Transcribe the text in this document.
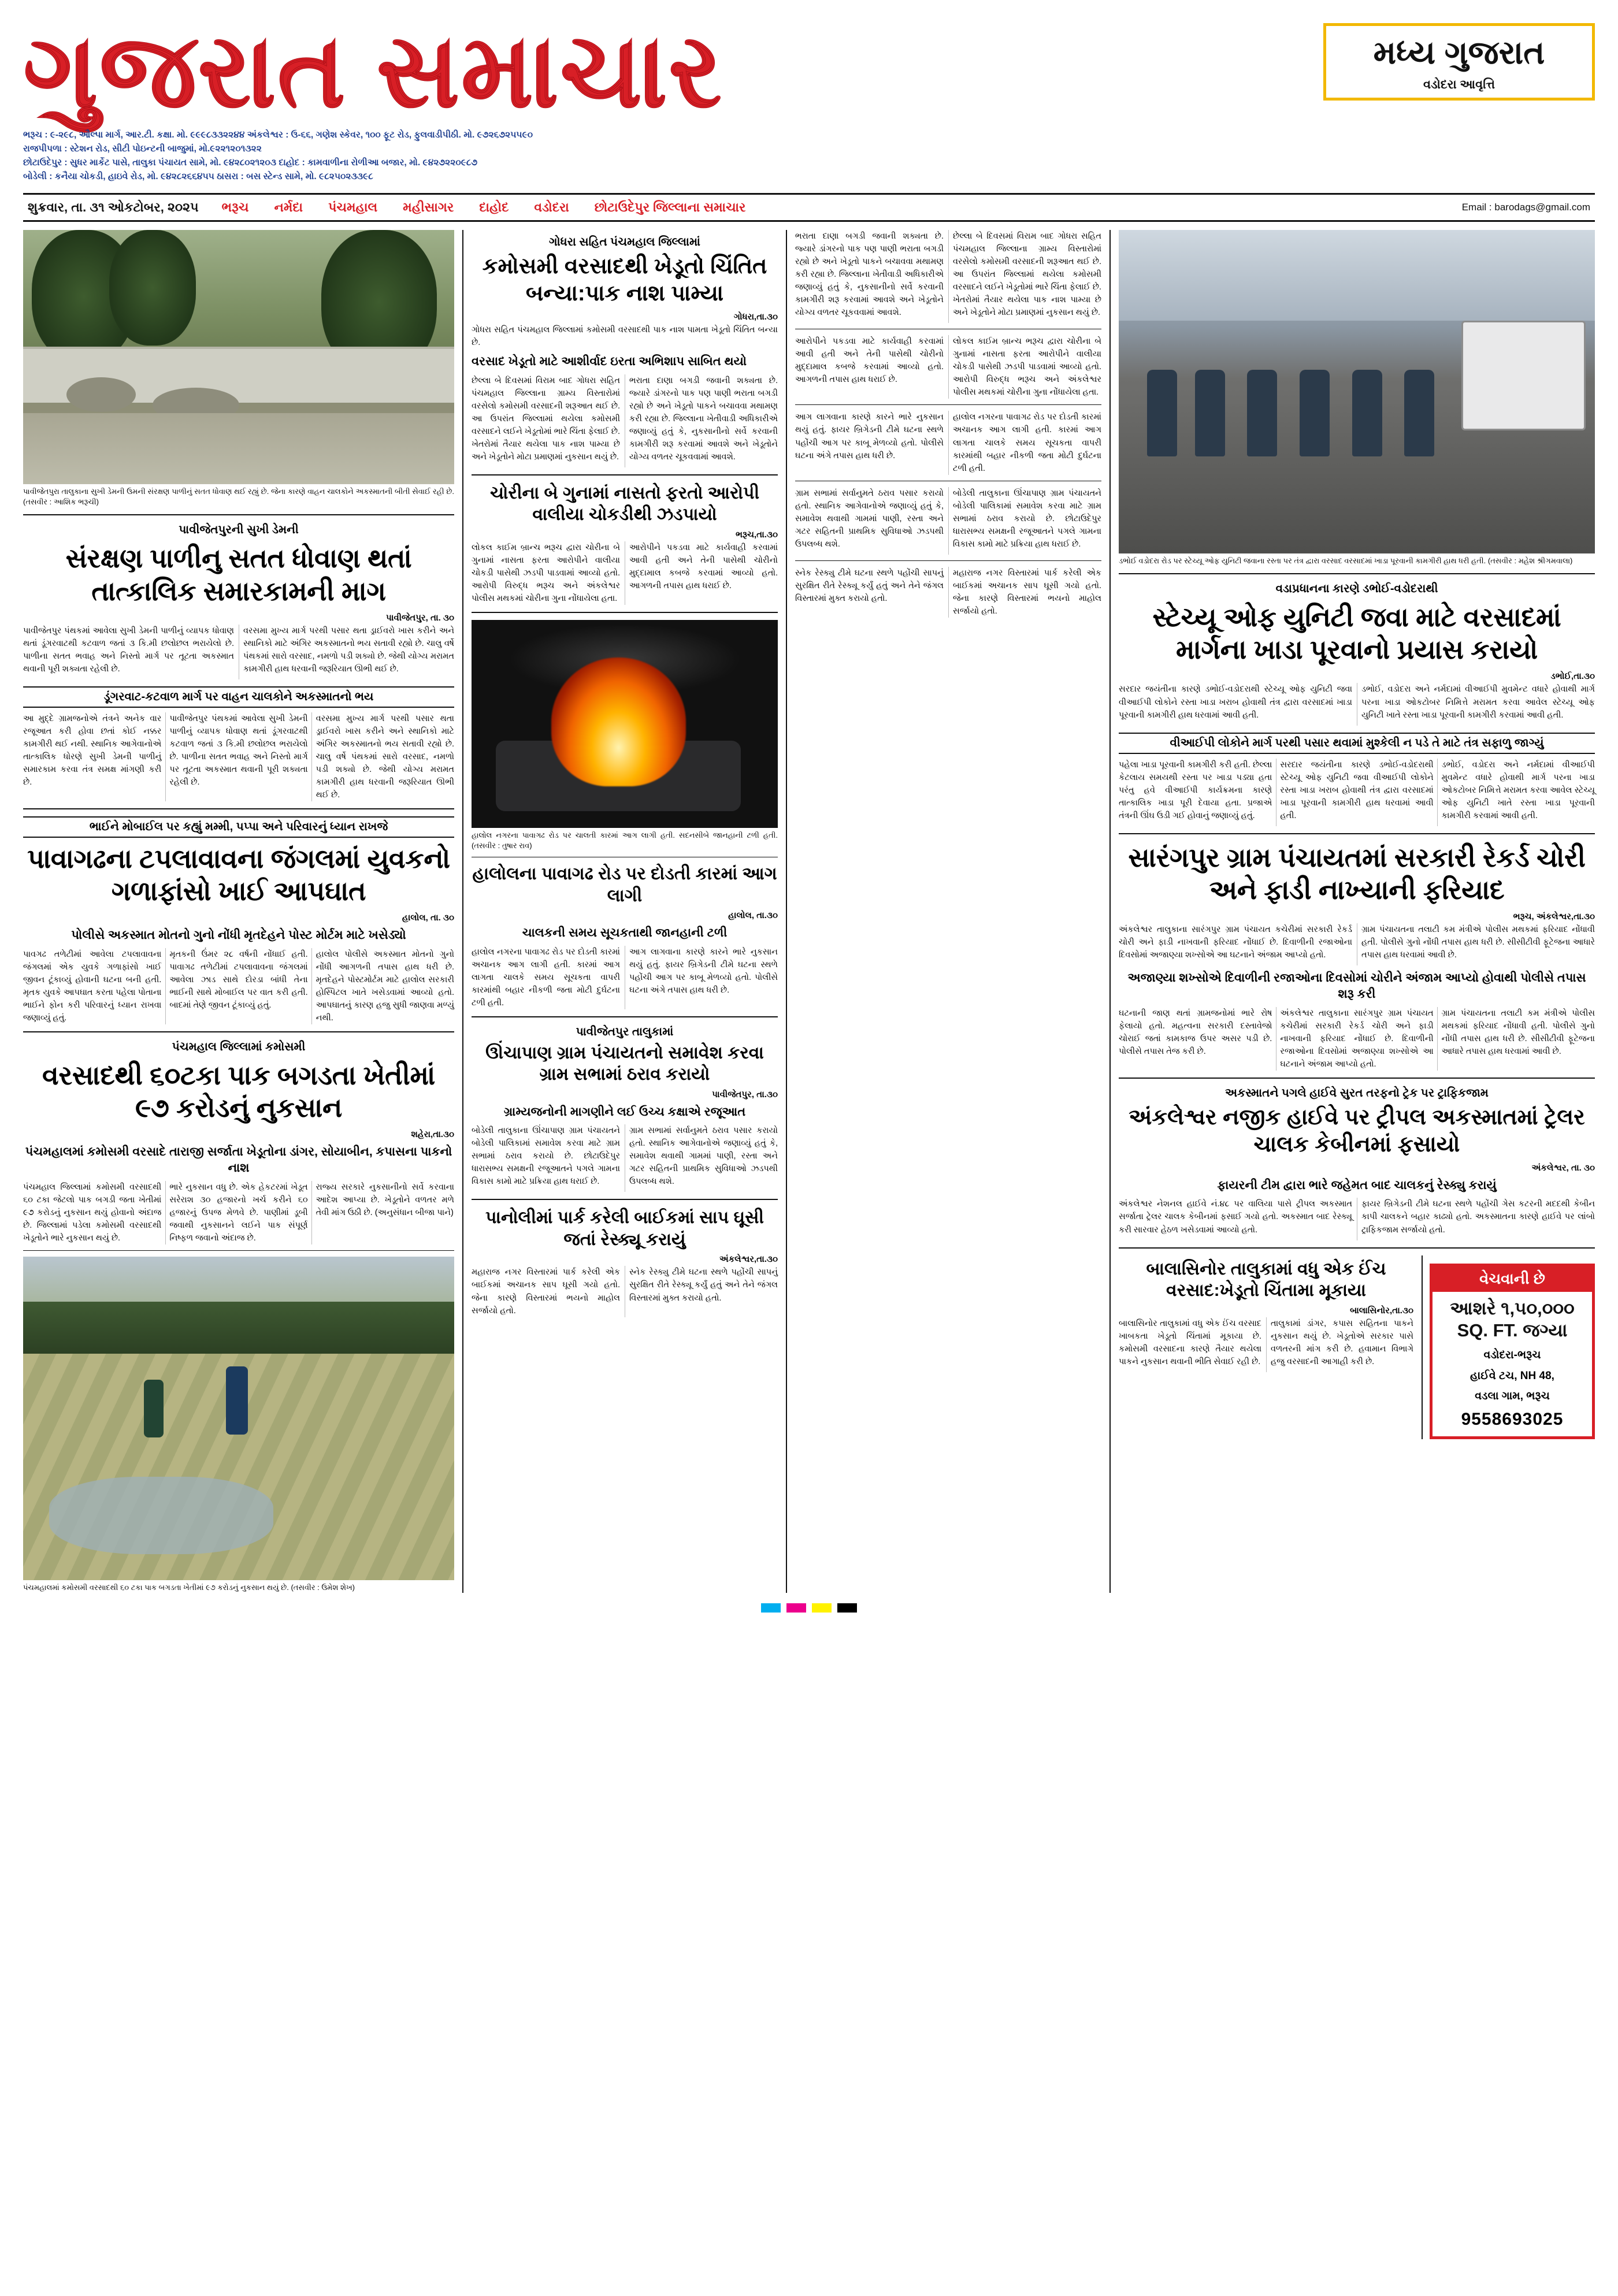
ગુજરાત સમાચાર
ભરૂચ : ૯-૨૯૮, ઔલ્પા માર્ગ, આર.ટી. કક્ષા. મો. ૯૯૯૮૩૩૨૨૪૪ અંકલેશ્વર : ઉ-૬૬, ગણેશ સ્કેવર, ૧૦૦ ફૂટ રોડ, ફુલવાડીપીઠી. મો. ૯૭૨૬૭૨૫૫૯૦
રાજપીપળા : સ્ટેશન રોડ, સીટી પોઇન્ટની બાજુમાં, મો.૯૨૨૧૨૦૧૩૨૨
છોટાઉદેપુર : સુધર માર્કેટ પાસે, તાલુકા પંચાયત સામે, મો. ૯૪૨૮૦૨૧૨૦૩ દાહોદ : કામવાળીના રોળીઆ બજાર, મો. ૯૪૨૭૨૨૦૯૮૭
બોડેલી : કનૈયા ચોકડી, હાઇવે રોડ, મો. ૯૪૨૮૨૬૬૪૫૫ ઠાસરા : બસ સ્ટેન્ડ સામે, મો. ૯૮૨૫૦૨૩૩૯૮
મધ્ય ગુજરાત
વડોદરા આવૃત્તિ
શુક્રવાર, તા. ૩૧ ઓકટોબર, ૨૦૨૫ ભરૂચ નર્મદા પંચમહાલ મહીસાગર દાહોદ વડોદરા છોટાઉદેપુર જિલ્લાના સમાચાર	Email : barodags@gmail.com
પાવીજેતપુરા તાલુકાના સુખી ડેમની ઉમની સંરક્ષણ પાળીનું સતત ધોવાણ થઈ રહ્યું છે. જેના કારણે વાહન ચાલકોને અકસ્માતની બીતી સેવાઈ રહી છે. (તસવીર : આશિક ભરૂચી)
પાવીજેતપુરની સુખી ડેમની
સંરક્ષણ પાળીનુ સતત ધોવાણ થતાં તાત્કાલિક સમારકામની માગ
પાવીજેતપુર, તા. ૩૦

પાવીજેતપુર પંથકમાં આવેલા સુખી ડેમની પાળીનું વ્યાપક ધોવાણ થતાં ડૂંગરવાટથી કટવાળ જતાં ૩ કિ.મી છલોછલ ભરાયેલો છે. પાળીના સતત ભવાહ અને નિસ્તો માર્ગ પર તૂટતા અકસ્માત થવાની પૂરી શક્યતા રહેલી છે.

વરસમા મુખ્ય માર્ગ પરથી પસાર થતા ડ્રાઈવરો ખાસ કરીને અને સ્થાનિકો માટે અંગિર અકસ્માતનો ભય સતાવી રહ્યો છે. ચાલુ વર્ષે પંથકમાં સારો વરસાદ, નમળો પડી શક્યો છે. જેથી યોગ્ય મરામત કામગીરી હાથ ધરવાની જરૂરિયાત ઊભી થઈ છે.

ડૂંગરવાટ-કટવાળ માર્ગ પર વાહન ચાલકોને અકસ્માતનો ભય

આ મુદ્દે ગ્રામજનોએ તંત્રને અનેક વાર રજૂઆત કરી હોવા છતાં કોઈ નક્કર કામગીરી થઈ નથી. સ્થાનિક આગેવાનોએ તાત્કાલિક ધોરણે સુખી ડેમની પાળીનું સમારકામ કરવા તંત્ર સમક્ષ માંગણી કરી છે.

પાવીજેતપુર પંથકમાં આવેલા સુખી ડેમની પાળીનું વ્યાપક ધોવાણ થતાં ડૂંગરવાટથી કટવાળ જતાં ૩ કિ.મી છલોછલ ભરાયેલો છે. પાળીના સતત ભવાહ અને નિસ્તો માર્ગ પર તૂટતા અકસ્માત થવાની પૂરી શક્યતા રહેલી છે.

વરસમા મુખ્ય માર્ગ પરથી પસાર થતા ડ્રાઈવરો ખાસ કરીને અને સ્થાનિકો માટે અંગિર અકસ્માતનો ભય સતાવી રહ્યો છે. ચાલુ વર્ષે પંથકમાં સારો વરસાદ, નમળો પડી શક્યો છે. જેથી યોગ્ય મરામત કામગીરી હાથ ધરવાની જરૂરિયાત ઊભી થઈ છે.

ભાઈને મોબાઈલ પર કહ્યું મમ્મી, પપ્પા અને પરિવારનું ધ્યાન રાખજે
પાવાગઢના ટપલાવાવના જંગલમાં યુવકનો ગળાફાંસો ખાઈ આપઘાત
હાલોલ, તા. ૩૦
પોલીસે અકસ્માત મોતનો ગુનો નોંધી મૃતદેહને પોસ્ટ મોર્ટમ માટે ખસેડ્યો

પાવગઢ તળેટીમાં આવેલા ટપલાવાવના જંગલમાં એક યુવકે ગળાફાંસો ખાઈ જીવન ટૂંકાવ્યું હોવાની ઘટના બની હતી. મૃતક યુવકે આપઘાત કરતા પહેલા પોતાના ભાઈને ફોન કરી પરિવારનું ધ્યાન રાખવા જણાવ્યું હતું.

મૃતકની ઉંમર ૨૮ વર્ષની નોંધાઈ હતી. પાવાગઢ તળેટીમાં ટપલાવાવના જંગલમાં આવેલા ઝાડ સાથે દોરડા બાંધી તેના ભાઈની સાથે મોબાઈલ પર વાત કરી હતી. બાદમાં તેણે જીવન ટૂંકાવ્યું હતું.

હાલોલ પોલીસે અકસ્માત મોતનો ગુનો નોંધી આગળની તપાસ હાથ ધરી છે. મૃતદેહને પોસ્ટમોર્ટમ માટે હાલોલ સરકારી હોસ્પિટલ ખાતે ખસેડવામાં આવ્યો હતો. આપઘાતનું કારણ હજુ સુધી જાણવા મળ્યું નથી.

પંચમહાલ જિલ્લામાં કમોસમી
વરસાદથી ૬૦ટકા પાક બગડતા ખેતીમાં ૯૭ કરોડનું નુકસાન
શહેરા,તા.૩૦
પંચમહાલમાં કમોસમી વરસાદે તારાજી સર્જાતા ખેડૂતોના ડાંગર, સોયાબીન, કપાસના પાકનો નાશ

પંચમહાલ જિલ્લામાં કમોસમી વરસાદથી ૬૦ ટકા જેટલો પાક બગડી જતા ખેતીમાં ૯૭ કરોડનું નુકસાન થયું હોવાનો અંદાજ છે. જિલ્લામાં પડેલા કમોસમી વરસાદથી ખેડૂતોને ભારે નુકસાન થયું છે.

ભારે નુકસાન વધુ છે. એક હેકટરમાં ખેડૂત સરેરાશ ૩૦ હજારનો ખર્ચ કરીને ૬૦ હજારનું ઉપજ મેળવે છે. પાણીમાં ડૂબી જવાથી નુકસાનને લઈને પાક સંપૂર્ણ નિષ્ફળ જવાનો અંદાજ છે.

રાજ્ય સરકારે નુકસાનીનો સર્વે કરવાના આદેશ આપ્યા છે. ખેડૂતોને વળતર મળે તેવી માંગ ઉઠી છે. (અનુસંધાન બીજા પાને)

પંચમહાલમાં કમોસમી વરસાદથી ૬૦ ટકા પાક બગડતા ખેતીમાં ૯૭ કરોડનું નુકસાન થયું છે. (તસવીર : ઉમેશ શેખ)
ગોધરા સહિત પંચમહાલ જિલ્લામાં
કમોસમી વરસાદથી ખેડૂતો ચિંતિત બન્યા:પાક નાશ પામ્યા
ગોધરા,તા.૩૦

ગોધરા સહિત પંચમહાલ જિલ્લામાં કમોસમી વરસાદથી પાક નાશ પામતા ખેડૂતો ચિંતિત બન્યા છે.

વરસાદ ખેડૂતો માટે આશીર્વાદ ઇરતા અભિશાપ સાબિત થયો

છેલ્લા બે દિવસમાં વિરામ બાદ ગોધરા સહિત પંચમહાલ જિલ્લાના ગ્રામ્ય વિસ્તારોમાં વરસેલો કમોસમી વરસાદની શરૂઆત થઈ છે. આ ઉપરાંત જિલ્લામાં થયેલા કમોસમી વરસાદને લઈને ખેડૂતોમાં ભારે ચિંતા ફેલાઈ છે. ખેતરોમાં તૈયાર થયેલા પાક નાશ પામ્યા છે અને ખેડૂતોને મોટા પ્રમાણમાં નુકસાન થયું છે.

ભરાતા દાણા બગડી જવાની શક્યતા છે. જ્યારે ડાંગરનો પાક પણ પાણી ભરાતા બગડી રહ્યો છે અને ખેડૂતો પાકને બચાવવા મથામણ કરી રહ્યા છે. જિલ્લાના ખેતીવાડી અધિકારીએ જણાવ્યું હતું કે, નુકસાનીનો સર્વે કરવાની કામગીરી શરૂ કરવામાં આવશે અને ખેડૂતોને યોગ્ય વળતર ચૂકવવામાં આવશે.

ચોરીના બે ગુનામાં નાસતો ફરતો આરોપી વાલીયા ચોકડીથી ઝડપાયો
ભરૂચ,તા.૩૦

લોકલ કાઈમ બ્રાન્ચ ભરૂચ દ્વારા ચોરીના બે ગુનામાં નાસતા ફરતા આરોપીને વાલીયા ચોકડી પાસેથી ઝડપી પાડવામાં આવ્યો હતો. આરોપી વિરુદ્ધ ભરૂચ અને અંકલેશ્વર પોલીસ મથકમાં ચોરીના ગુના નોંધાયેલા હતા.

આરોપીને પકડવા માટે કાર્યવાહી કરવામાં આવી હતી અને તેની પાસેથી ચોરીનો મુદ્દામાલ કબજે કરવામાં આવ્યો હતો. આગળની તપાસ હાથ ધરાઈ છે.

હાલોલ નગરના પાવાગઢ રોડ પર ચાલતી કારમાં આગ લાગી હતી. સદનસીબે જાનહાની ટળી હતી. (તસવીર : તુષાર રાવ)
હાલોલના પાવાગઢ રોડ પર દોડતી કારમાં આગ લાગી
હાલોલ, તા.૩૦
ચાલકની સમય સૂચકતાથી જાનહાની ટળી

હાલોલ નગરના પાવાગઢ રોડ પર દોડતી કારમાં અચાનક આગ લાગી હતી. કારમાં આગ લાગતા ચાલકે સમય સૂચકતા વાપરી કારમાંથી બહાર નીકળી જતા મોટી દુર્ઘટના ટળી હતી.

આગ લાગવાના કારણે કારને ભારે નુકસાન થયું હતું. ફાયર બ્રિગેડની ટીમે ઘટના સ્થળે પહોંચી આગ પર કાબૂ મેળવ્યો હતો. પોલીસે ઘટના અંગે તપાસ હાથ ધરી છે.

પાવીજેતપુર તાલુકામાં
ઊંચાપાણ ગ્રામ પંચાયતનો સમાવેશ કરવા ગ્રામ સભામાં ઠરાવ કરાયો
પાવીજેતપુર, તા.૩૦
ગ્રામ્યજનોની માગણીને લઈ ઉચ્ચ કક્ષાએ રજૂઆત

બોડેલી તાલુકાના ઊંચાપાણ ગ્રામ પંચાયતને બોડેલી પાલિકામાં સમાવેશ કરવા માટે ગ્રામ સભામાં ઠરાવ કરાયો છે. છોટાઉદેપુર ધારાસભ્ય સમક્ષની રજૂઆતને પગલે ગામના વિકાસ કામો માટે પ્રક્રિયા હાથ ધરાઈ છે.

ગ્રામ સભામાં સર્વાનુમતે ઠરાવ પસાર કરાયો હતો. સ્થાનિક આગેવાનોએ જણાવ્યું હતું કે, સમાવેશ થવાથી ગામમાં પાણી, રસ્તા અને ગટર સહિતની પ્રાથમિક સુવિધાઓ ઝડપથી ઉપલબ્ધ થશે.

પાનોલીમાં પાર્ક કરેલી બાઈકમાં સાપ ઘૂસી જતાં રેસ્ક્યૂ કરાયું
અંકલેશ્વર,તા.૩૦

મહારાજ નગર વિસ્તારમાં પાર્ક કરેલી એક બાઈકમાં અચાનક સાપ ઘૂસી ગયો હતો. જેના કારણે વિસ્તારમાં ભયનો માહોલ સર્જાયો હતો.

સ્નેક રેસ્ક્યુ ટીમે ઘટના સ્થળે પહોંચી સાપનું સુરક્ષિત રીતે રેસ્ક્યૂ કર્યું હતું અને તેને જંગલ વિસ્તારમાં મુક્ત કરાયો હતો.

ભરાતા દાણા બગડી જવાની શક્યતા છે. જ્યારે ડાંગરનો પાક પણ પાણી ભરાતા બગડી રહ્યો છે અને ખેડૂતો પાકને બચાવવા મથામણ કરી રહ્યા છે. જિલ્લાના ખેતીવાડી અધિકારીએ જણાવ્યું હતું કે, નુકસાનીનો સર્વે કરવાની કામગીરી શરૂ કરવામાં આવશે અને ખેડૂતોને યોગ્ય વળતર ચૂકવવામાં આવશે.

છેલ્લા બે દિવસમાં વિરામ બાદ ગોધરા સહિત પંચમહાલ જિલ્લાના ગ્રામ્ય વિસ્તારોમાં વરસેલો કમોસમી વરસાદની શરૂઆત થઈ છે. આ ઉપરાંત જિલ્લામાં થયેલા કમોસમી વરસાદને લઈને ખેડૂતોમાં ભારે ચિંતા ફેલાઈ છે. ખેતરોમાં તૈયાર થયેલા પાક નાશ પામ્યા છે અને ખેડૂતોને મોટા પ્રમાણમાં નુકસાન થયું છે.

આરોપીને પકડવા માટે કાર્યવાહી કરવામાં આવી હતી અને તેની પાસેથી ચોરીનો મુદ્દામાલ કબજે કરવામાં આવ્યો હતો. આગળની તપાસ હાથ ધરાઈ છે.

લોકલ કાઈમ બ્રાન્ચ ભરૂચ દ્વારા ચોરીના બે ગુનામાં નાસતા ફરતા આરોપીને વાલીયા ચોકડી પાસેથી ઝડપી પાડવામાં આવ્યો હતો. આરોપી વિરુદ્ધ ભરૂચ અને અંકલેશ્વર પોલીસ મથકમાં ચોરીના ગુના નોંધાયેલા હતા.

આગ લાગવાના કારણે કારને ભારે નુકસાન થયું હતું. ફાયર બ્રિગેડની ટીમે ઘટના સ્થળે પહોંચી આગ પર કાબૂ મેળવ્યો હતો. પોલીસે ઘટના અંગે તપાસ હાથ ધરી છે.

હાલોલ નગરના પાવાગઢ રોડ પર દોડતી કારમાં અચાનક આગ લાગી હતી. કારમાં આગ લાગતા ચાલકે સમય સૂચકતા વાપરી કારમાંથી બહાર નીકળી જતા મોટી દુર્ઘટના ટળી હતી.

ગ્રામ સભામાં સર્વાનુમતે ઠરાવ પસાર કરાયો હતો. સ્થાનિક આગેવાનોએ જણાવ્યું હતું કે, સમાવેશ થવાથી ગામમાં પાણી, રસ્તા અને ગટર સહિતની પ્રાથમિક સુવિધાઓ ઝડપથી ઉપલબ્ધ થશે.

બોડેલી તાલુકાના ઊંચાપાણ ગ્રામ પંચાયતને બોડેલી પાલિકામાં સમાવેશ કરવા માટે ગ્રામ સભામાં ઠરાવ કરાયો છે. છોટાઉદેપુર ધારાસભ્ય સમક્ષની રજૂઆતને પગલે ગામના વિકાસ કામો માટે પ્રક્રિયા હાથ ધરાઈ છે.

સ્નેક રેસ્ક્યુ ટીમે ઘટના સ્થળે પહોંચી સાપનું સુરક્ષિત રીતે રેસ્ક્યૂ કર્યું હતું અને તેને જંગલ વિસ્તારમાં મુક્ત કરાયો હતો.

મહારાજ નગર વિસ્તારમાં પાર્ક કરેલી એક બાઈકમાં અચાનક સાપ ઘૂસી ગયો હતો. જેના કારણે વિસ્તારમાં ભયનો માહોલ સર્જાયો હતો.

ડભોઈ વડોદરા રોડ પર સ્ટેચ્યૂ ઓફ યુનિટી જવાના રસ્તા પર તંત્ર દ્વારા વરસાદ વરસાદમાં ખાડા પૂરવાની કામગીરી હાથ ધરી હતી. (તસવીર : મહેશ શ્રીગમવાલા)
વડાપ્રધાનના કારણે ડભોઈ-વડોદરાથી
સ્ટેચ્યૂ ઓફ યુનિટી જવા માટે વરસાદમાં માર્ગના ખાડા પૂરવાનો પ્રયાસ કરાયો
ડભોઈ,તા.૩૦

સરદાર જયંતીના કારણે ડભોઈ-વડોદરાથી સ્ટેચ્યૂ ઓફ યુનિટી જવા વીઆઈપી લોકોને રસ્તા ખાડા ખરાબ હોવાથી તંત્ર દ્વારા વરસાદમાં ખાડા પૂરવાની કામગીરી હાથ ધરવામાં આવી હતી.

ડભોઈ, વડોદરા અને નર્મદામાં વીઆઈપી મુવમેન્ટ વધારે હોવાથી માર્ગ પરના ખાડા ઓકટોબર નિમિત્તે મરામત કરવા આવેલ સ્ટેચ્યૂ ઓફ યુનિટી ખાતે રસ્તા ખાડા પૂરવાની કામગીરી કરવામાં આવી હતી.

વીઆઈપી લોકોને માર્ગ પરથી પસાર થવામાં મુશ્કેલી ન પડે તે માટે તંત્ર સફાળુ જાગ્યું

પહેલા ખાડા પૂરવાની કામગીરી કરી હતી. છેલ્લા કેટલાય સમયથી રસ્તા પર ખાડા પડ્યા હતા પરંતુ હવે વીઆઈપી કાર્યક્રમના કારણે તાત્કાલિક ખાડા પૂરી દેવાયા હતા. પ્રજાએ તંત્રની ઊંઘ ઉડી ગઈ હોવાનું જણાવ્યું હતું.

સરદાર જયંતીના કારણે ડભોઈ-વડોદરાથી સ્ટેચ્યૂ ઓફ યુનિટી જવા વીઆઈપી લોકોને રસ્તા ખાડા ખરાબ હોવાથી તંત્ર દ્વારા વરસાદમાં ખાડા પૂરવાની કામગીરી હાથ ધરવામાં આવી હતી.

ડભોઈ, વડોદરા અને નર્મદામાં વીઆઈપી મુવમેન્ટ વધારે હોવાથી માર્ગ પરના ખાડા ઓકટોબર નિમિત્તે મરામત કરવા આવેલ સ્ટેચ્યૂ ઓફ યુનિટી ખાતે રસ્તા ખાડા પૂરવાની કામગીરી કરવામાં આવી હતી.

સારંગપુર ગ્રામ પંચાયતમાં સરકારી રેકર્ડ ચોરી અને ફાડી નાખ્યાની ફરિયાદ
ભરૂચ, અંકલેશ્વર,તા.૩૦

અંકલેશ્વર તાલુકાના સારંગપુર ગ્રામ પંચાયત કચેરીમાં સરકારી રેકર્ડ ચોરી અને ફાડી નાખવાની ફરિયાદ નોંધાઈ છે. દિવાળીની રજાઓના દિવસોમાં અજાણ્યા શખ્સોએ આ ઘટનાને અંજામ આપ્યો હતો.

ગ્રામ પંચાયતના તલાટી કમ મંત્રીએ પોલીસ મથકમાં ફરિયાદ નોંધાવી હતી. પોલીસે ગુનો નોંધી તપાસ હાથ ધરી છે. સીસીટીવી ફૂટેજના આધારે તપાસ હાથ ધરવામાં આવી છે.

અજાણ્યા શખ્સોએ દિવાળીની રજાઓના દિવસોમાં ચોરીને અંજામ આપ્યો હોવાથી પોલીસે તપાસ શરૂ કરી

ઘટનાની જાણ થતાં ગ્રામજનોમાં ભારે રોષ ફેલાયો હતો. મહત્વના સરકારી દસ્તાવેજો ચોરાઈ જતાં કામકાજ ઉપર અસર પડી છે. પોલીસે તપાસ તેજ કરી છે.

અંકલેશ્વર તાલુકાના સારંગપુર ગ્રામ પંચાયત કચેરીમાં સરકારી રેકર્ડ ચોરી અને ફાડી નાખવાની ફરિયાદ નોંધાઈ છે. દિવાળીની રજાઓના દિવસોમાં અજાણ્યા શખ્સોએ આ ઘટનાને અંજામ આપ્યો હતો.

ગ્રામ પંચાયતના તલાટી કમ મંત્રીએ પોલીસ મથકમાં ફરિયાદ નોંધાવી હતી. પોલીસે ગુનો નોંધી તપાસ હાથ ધરી છે. સીસીટીવી ફૂટેજના આધારે તપાસ હાથ ધરવામાં આવી છે.

અકસ્માતને પગલે હાઈવે સુરત તરફનો ટ્રેક પર ટ્રાફિકજામ
અંકલેશ્વર નજીક હાઈવે પર ટ્રીપલ અકસ્માતમાં ટ્રેલર ચાલક કેબીનમાં ફસાયો
અંકલેશ્વર, તા. ૩૦
ફાયરની ટીમ દ્વારા ભારે જહેમત બાદ ચાલકનું રેસ્ક્યુ કરાયું

અંકલેશ્વર નેશનલ હાઈવે નં.૪૮ પર વાલિયા પાસે ટ્રીપલ અકસ્માત સર્જાતા ટ્રેલર ચાલક કેબીનમાં ફસાઈ ગયો હતો. અકસ્માત બાદ રેસ્ક્યૂ કરી સારવાર હેઠળ ખસેડવામાં આવ્યો હતો.

ફાયર બ્રિગેડની ટીમે ઘટના સ્થળે પહોંચી ગેસ કટરની મદદથી કેબીન કાપી ચાલકને બહાર કાઢ્યો હતો. અકસ્માતના કારણે હાઈવે પર લાંબો ટ્રાફિકજામ સર્જાયો હતો.

બાલાસિનોર તાલુકામાં વધુ એક ઈંચ વરસાદ:ખેડૂતો ચિંતામા મૂકાયા
બાલાસિનોર,તા.૩૦

બાલાસિનોર તાલુકામાં વધુ એક ઈંચ વરસાદ ખાબકતા ખેડૂતો ચિંતામાં મૂકાયા છે. કમોસમી વરસાદના કારણે તૈયાર થયેલા પાકને નુકસાન થવાની ભીતિ સેવાઈ રહી છે.

તાલુકામાં ડાંગર, કપાસ સહિતના પાકને નુકસાન થયું છે. ખેડૂતોએ સરકાર પાસે વળતરની માંગ કરી છે. હવામાન વિભાગે હજુ વરસાદની આગાહી કરી છે.

વેચવાની છે
આશરે ૧,૫૦,૦૦૦
SQ. FT. જગ્યા
વડોદરા-ભરૂચ
હાઈવે ટચ, NH 48,
વડલા ગામ, ભરૂચ
9558693025
